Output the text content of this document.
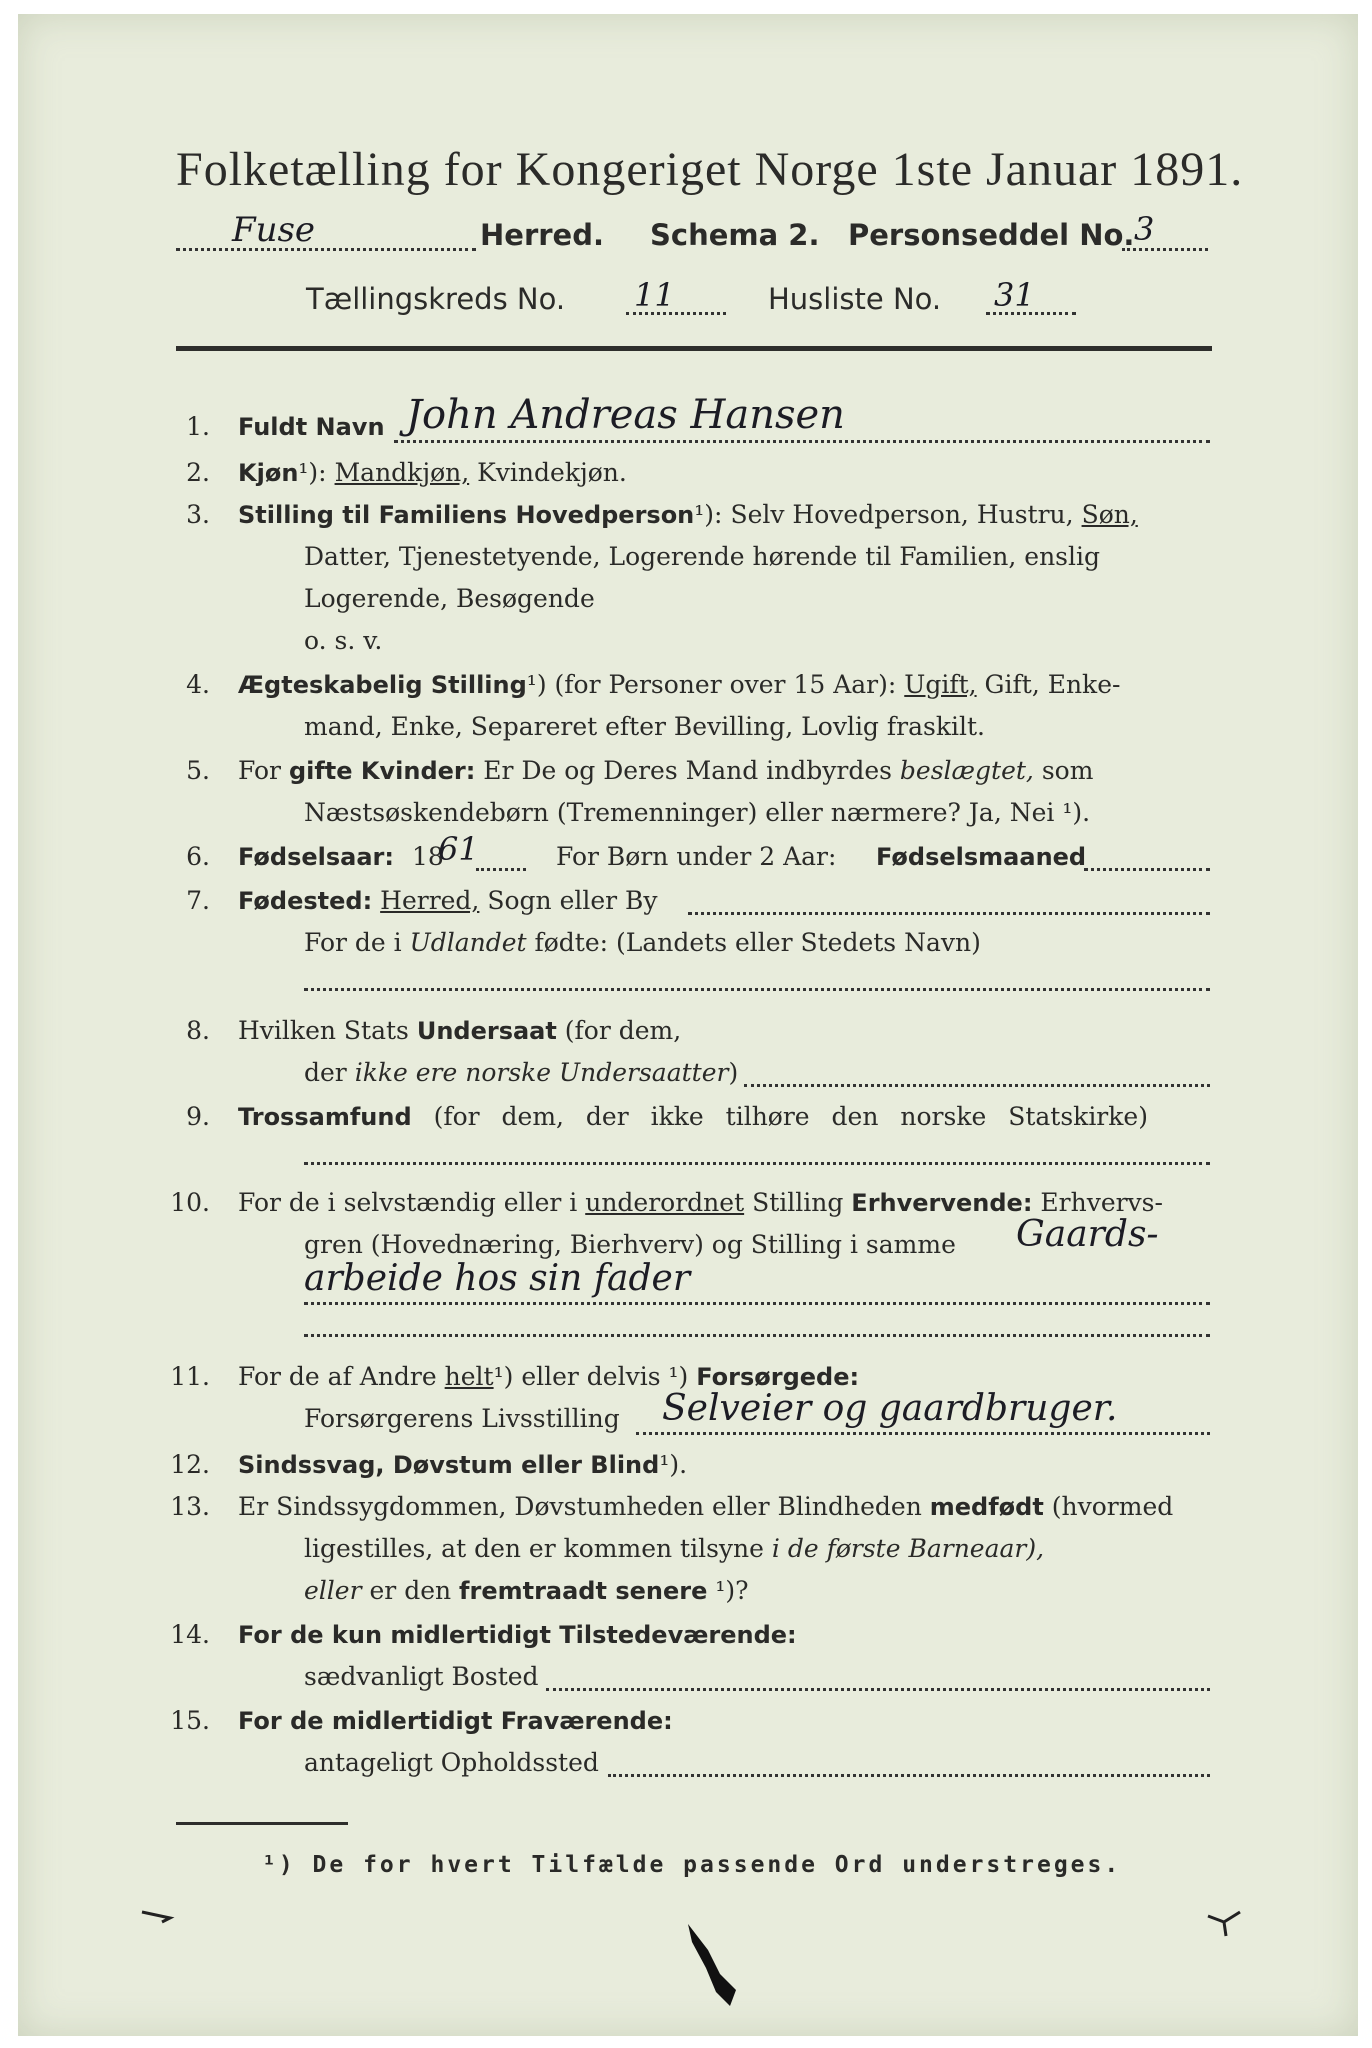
Folketælling for Kongeriget Norge 1ste Januar 1891.
Fuse	Herred. Schema 2. Personseddel No. 3
Tællingskreds No. 11	Husliste No. 31
1. Fuldt Navn John Andreas Hansen
2. Kjøn¹): Mandkjøn, Kvindekjøn.
3. Stilling til Familiens Hovedperson¹): Selv Hovedperson, Hustru, Søn,
Datter, Tjenestetyende, Logerende hørende til Familien, enslig
Logerende, Besøgende
o. s. v.
4. Ægteskabelig Stilling¹) (for Personer over 15 Aar): Ugift, Gift, Enke-
mand, Enke, Separeret efter Bevilling, Lovlig fraskilt.
5. For gifte Kvinder: Er De og Deres Mand indbyrdes beslægtet, som
Næstsøskendebørn (Tremenninger) eller nærmere? Ja, Nei ¹).
6. Fødselsaar: 18
61	For Børn under 2 Aar: Fødselsmaaned
7. Fødested: Herred, Sogn eller By
For de i Udlandet fødte: (Landets eller Stedets Navn)
8. Hvilken Stats Undersaat (for dem,
der ikke ere norske Undersaatter)
9. Trossamfund (for dem, der ikke tilhøre den norske Statskirke)
10. For de i selvstændig eller i underordnet Stilling Erhvervende: Erhvervs-
gren (Hovednæring, Bierhverv) og Stilling i samme Gaards-
arbeide hos sin fader
11. For de af Andre helt¹) eller delvis ¹) Forsørgede:
Forsørgerens Livsstilling Selveier og gaardbruger.
12. Sindssvag, Døvstum eller Blind¹).
13. Er Sindssygdommen, Døvstumheden eller Blindheden medfødt (hvormed
ligestilles, at den er kommen tilsyne i de første Barneaar),
eller er den fremtraadt senere ¹)?
14. For de kun midlertidigt Tilstedeværende:
sædvanligt Bosted
15. For de midlertidigt Fraværende:
antageligt Opholdssted
¹) De for hvert Tilfælde passende Ord understreges.
